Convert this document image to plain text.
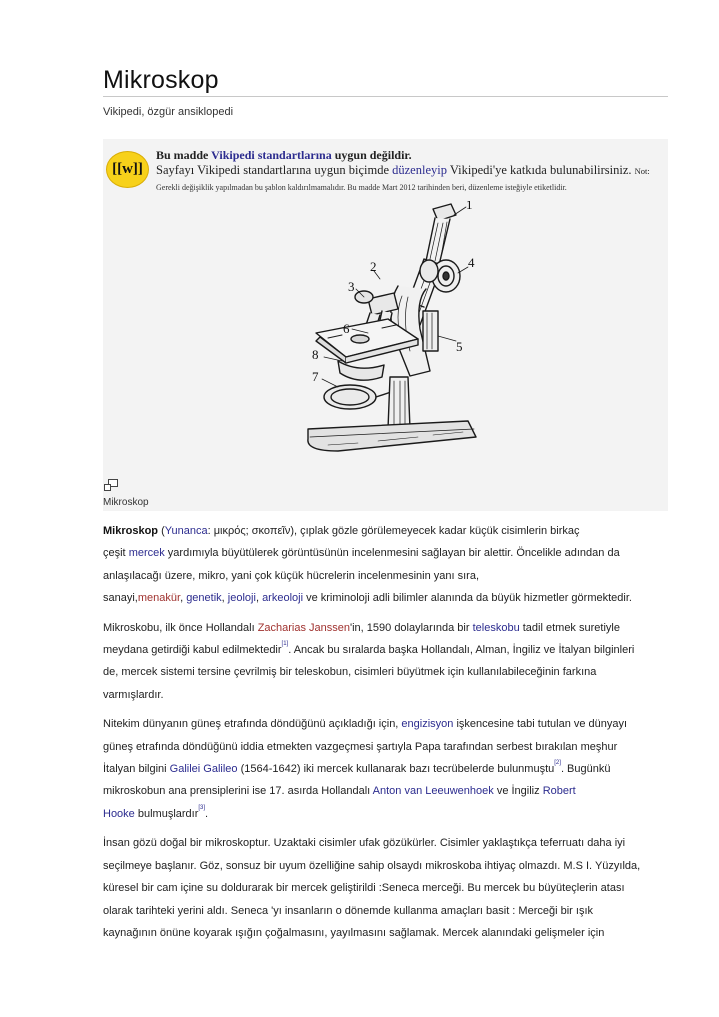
Mikroskop
Vikipedi, özgür ansiklopedi
[[w]]
Bu madde Vikipedi standartlarına uygun değildir.
Sayfayı Vikipedi standartlarına uygun biçimde düzenleyip Vikipedi'ye katkıda bulunabilirsiniz. Not:
Gerekli değişiklik yapılmadan bu şablon kaldırılmamalıdır. Bu madde Mart 2012 tarihinden beri, düzenleme isteğiyle etiketlidir.
1
2
3
4
5
6
7
8
Mikroskop

Mikroskop (Yunanca: μικρός; σκοπεῖν), çıplak gözle görülemeyecek kadar küçük cisimlerin birkaç
çeşit mercek yardımıyla büyütülerek görüntüsünün incelenmesini sağlayan bir alettir. Öncelikle adından da
anlaşılacağı üzere, mikro, yani çok küçük hücrelerin incelenmesinin yanı sıra,
sanayi,menakür, genetik, jeoloji, arkeoloji ve kriminoloji adli bilimler alanında da büyük hizmetler görmektedir.

Mikroskobu, ilk önce Hollandalı Zacharias Janssen'in, 1590 dolaylarında bir teleskobu tadil etmek suretiyle
meydana getirdiği kabul edilmektedir[1]. Ancak bu sıralarda başka Hollandalı, Alman, İngiliz ve İtalyan bilginleri
de, mercek sistemi tersine çevrilmiş bir teleskobun, cisimleri büyütmek için kullanılabileceğinin farkına
varmışlardır.

Nitekim dünyanın güneş etrafında döndüğünü açıkladığı için, engizisyon işkencesine tabi tutulan ve dünyayı
güneş etrafında döndüğünü iddia etmekten vazgeçmesi şartıyla Papa tarafından serbest bırakılan meşhur
İtalyan bilgini Galilei Galileo (1564-1642) iki mercek kullanarak bazı tecrübelerde bulunmuştu[2]. Bugünkü
mikroskobun ana prensiplerini ise 17. asırda Hollandalı Anton van Leeuwenhoek ve İngiliz Robert
Hooke bulmuşlardır[3].

İnsan gözü doğal bir mikroskoptur. Uzaktaki cisimler ufak gözükürler. Cisimler yaklaştıkça teferruatı daha iyi
seçilmeye başlanır. Göz, sonsuz bir uyum özelliğine sahip olsaydı mikroskoba ihtiyaç olmazdı. M.S I. Yüzyılda,
küresel bir cam içine su doldurarak bir mercek geliştirildi :Seneca merceği. Bu mercek bu büyüteçlerin atası
olarak tarihteki yerini aldı. Seneca 'yı insanların o dönemde kullanma amaçları basit : Merceği bir ışık
kaynağının önüne koyarak ışığın çoğalmasını, yayılmasını sağlamak. Mercek alanındaki gelişmeler için
